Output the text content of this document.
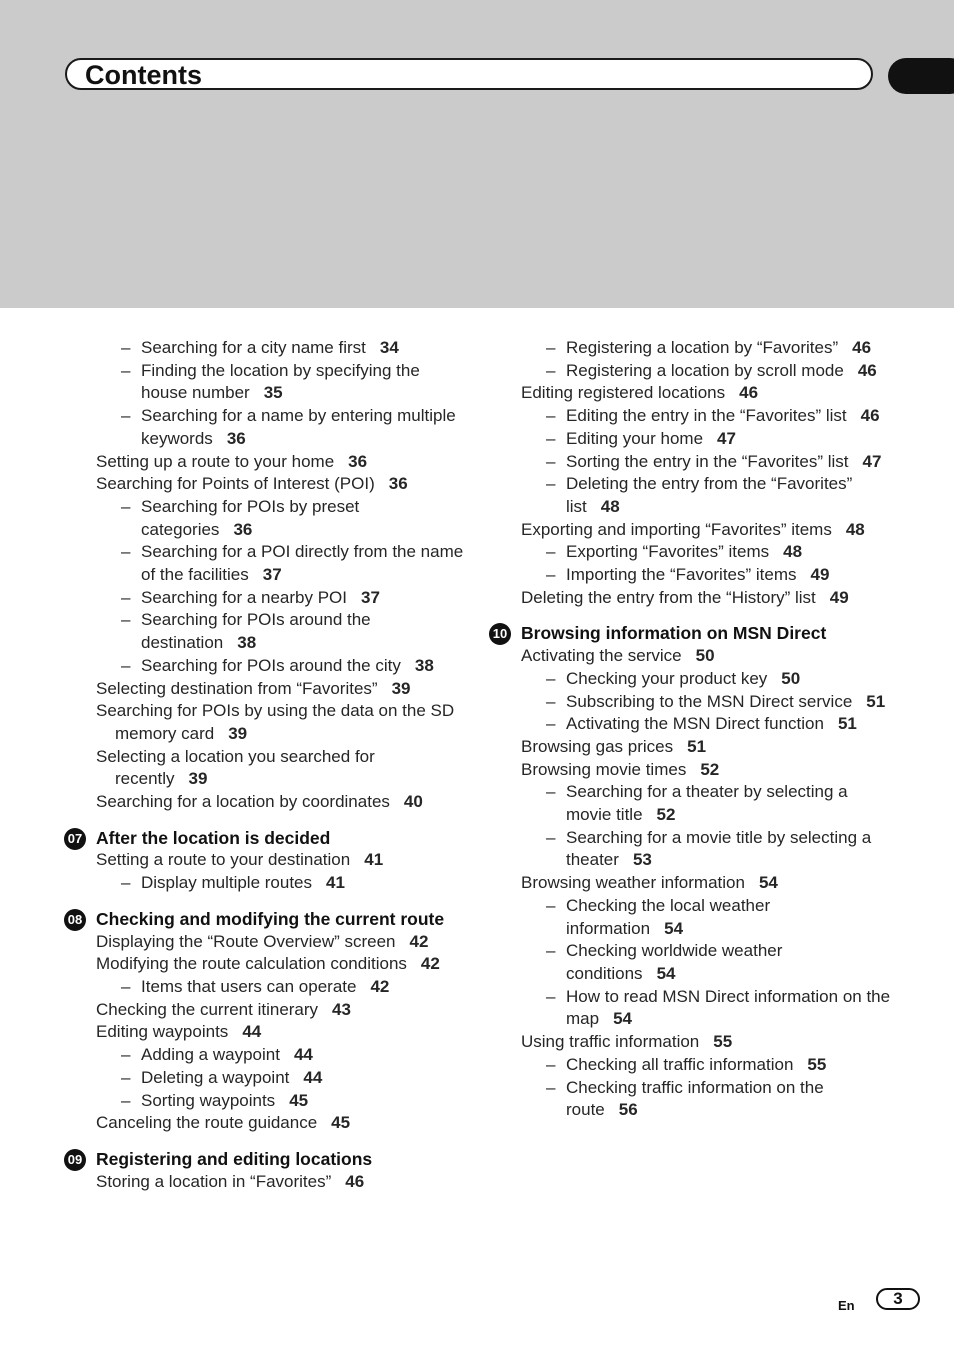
Contents
– Searching for a city name first 34
– Finding the location by specifying the house number 35
– Searching for a name by entering multiple keywords 36
Setting up a route to your home 36
Searching for Points of Interest (POI) 36
– Searching for POIs by preset categories 36
– Searching for a POI directly from the name of the facilities 37
– Searching for a nearby POI 37
– Searching for POIs around the destination 38
– Searching for POIs around the city 38
Selecting destination from “Favorites” 39
Searching for POIs by using the data on the SD memory card 39
Selecting a location you searched for recently 39
Searching for a location by coordinates 40
07 After the location is decided
Setting a route to your destination 41
– Display multiple routes 41
08 Checking and modifying the current route
Displaying the “Route Overview” screen 42
Modifying the route calculation conditions 42
– Items that users can operate 42
Checking the current itinerary 43
Editing waypoints 44
– Adding a waypoint 44
– Deleting a waypoint 44
– Sorting waypoints 45
Canceling the route guidance 45
09 Registering and editing locations
Storing a location in “Favorites” 46
– Registering a location by “Favorites” 46
– Registering a location by scroll mode 46
Editing registered locations 46
– Editing the entry in the “Favorites” list 46
– Editing your home 47
– Sorting the entry in the “Favorites” list 47
– Deleting the entry from the “Favorites” list 48
Exporting and importing “Favorites” items 48
– Exporting “Favorites” items 48
– Importing the “Favorites” items 49
Deleting the entry from the “History” list 49
10 Browsing information on MSN Direct
Activating the service 50
– Checking your product key 50
– Subscribing to the MSN Direct service 51
– Activating the MSN Direct function 51
Browsing gas prices 51
Browsing movie times 52
– Searching for a theater by selecting a movie title 52
– Searching for a movie title by selecting a theater 53
Browsing weather information 54
– Checking the local weather information 54
– Checking worldwide weather conditions 54
– How to read MSN Direct information on the map 54
Using traffic information 55
– Checking all traffic information 55
– Checking traffic information on the route 56
En	3
